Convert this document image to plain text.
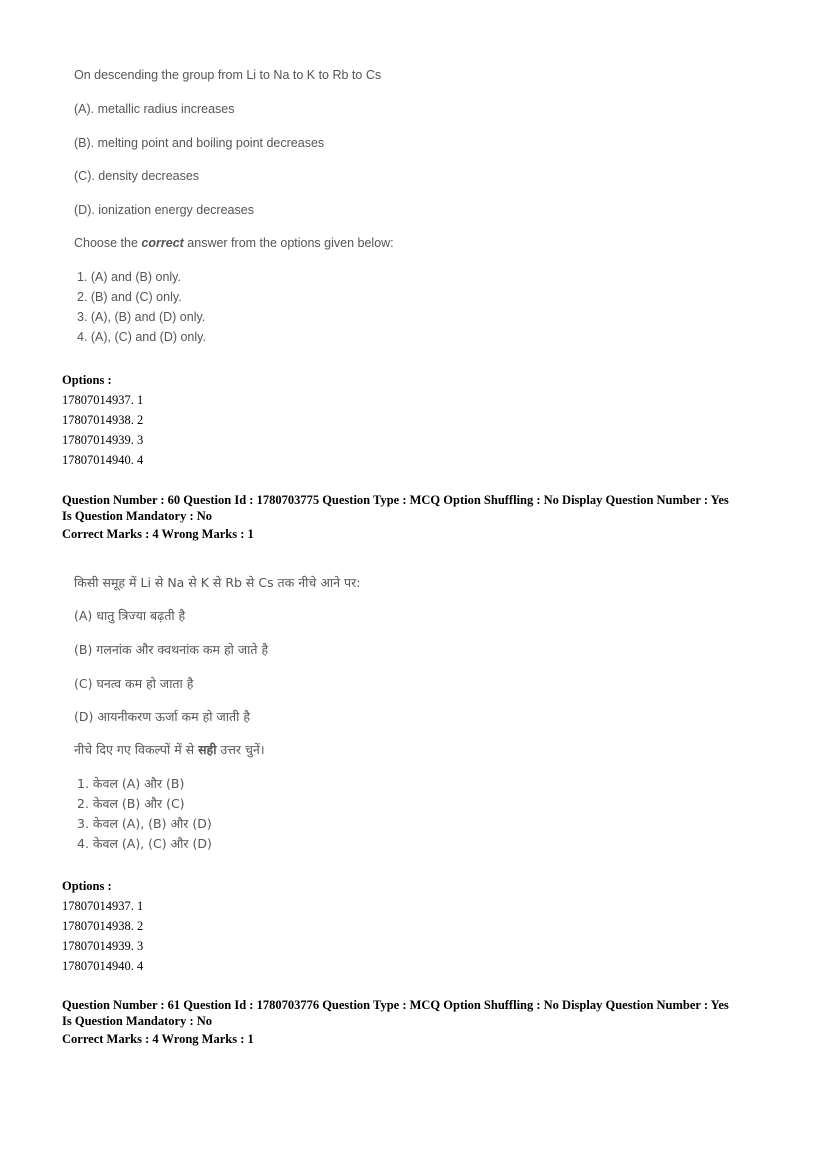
On descending the group from Li to Na to K to Rb to Cs
(A). metallic radius increases
(B). melting point and boiling point decreases
(C). density decreases
(D). ionization energy decreases
Choose the correct answer from the options given below:
1. (A) and (B) only.
2. (B) and (C) only.
3. (A), (B) and (D) only.
4. (A), (C) and (D) only.
Options :
17807014937. 1
17807014938. 2
17807014939. 3
17807014940. 4
Question Number : 60 Question Id : 1780703775 Question Type : MCQ Option Shuffling : No Display Question Number : Yes
Is Question Mandatory : No
Correct Marks : 4 Wrong Marks : 1
किसी समूह में Li से Na से K से Rb से Cs तक नीचे आने पर:
(A) धातु त्रिज्या बढ़ती है
(B) गलनांक और क्वथनांक कम हो जाते है
(C) घनत्व कम हो जाता है
(D) आयनीकरण ऊर्जा कम हो जाती है
नीचे दिए गए विकल्पों में से सही उत्तर चुनें।
1. केवल (A) और (B)
2. केवल (B) और (C)
3. केवल (A), (B) और (D)
4. केवल (A), (C) और (D)
Options :
17807014937. 1
17807014938. 2
17807014939. 3
17807014940. 4
Question Number : 61 Question Id : 1780703776 Question Type : MCQ Option Shuffling : No Display Question Number : Yes
Is Question Mandatory : No
Correct Marks : 4 Wrong Marks : 1
